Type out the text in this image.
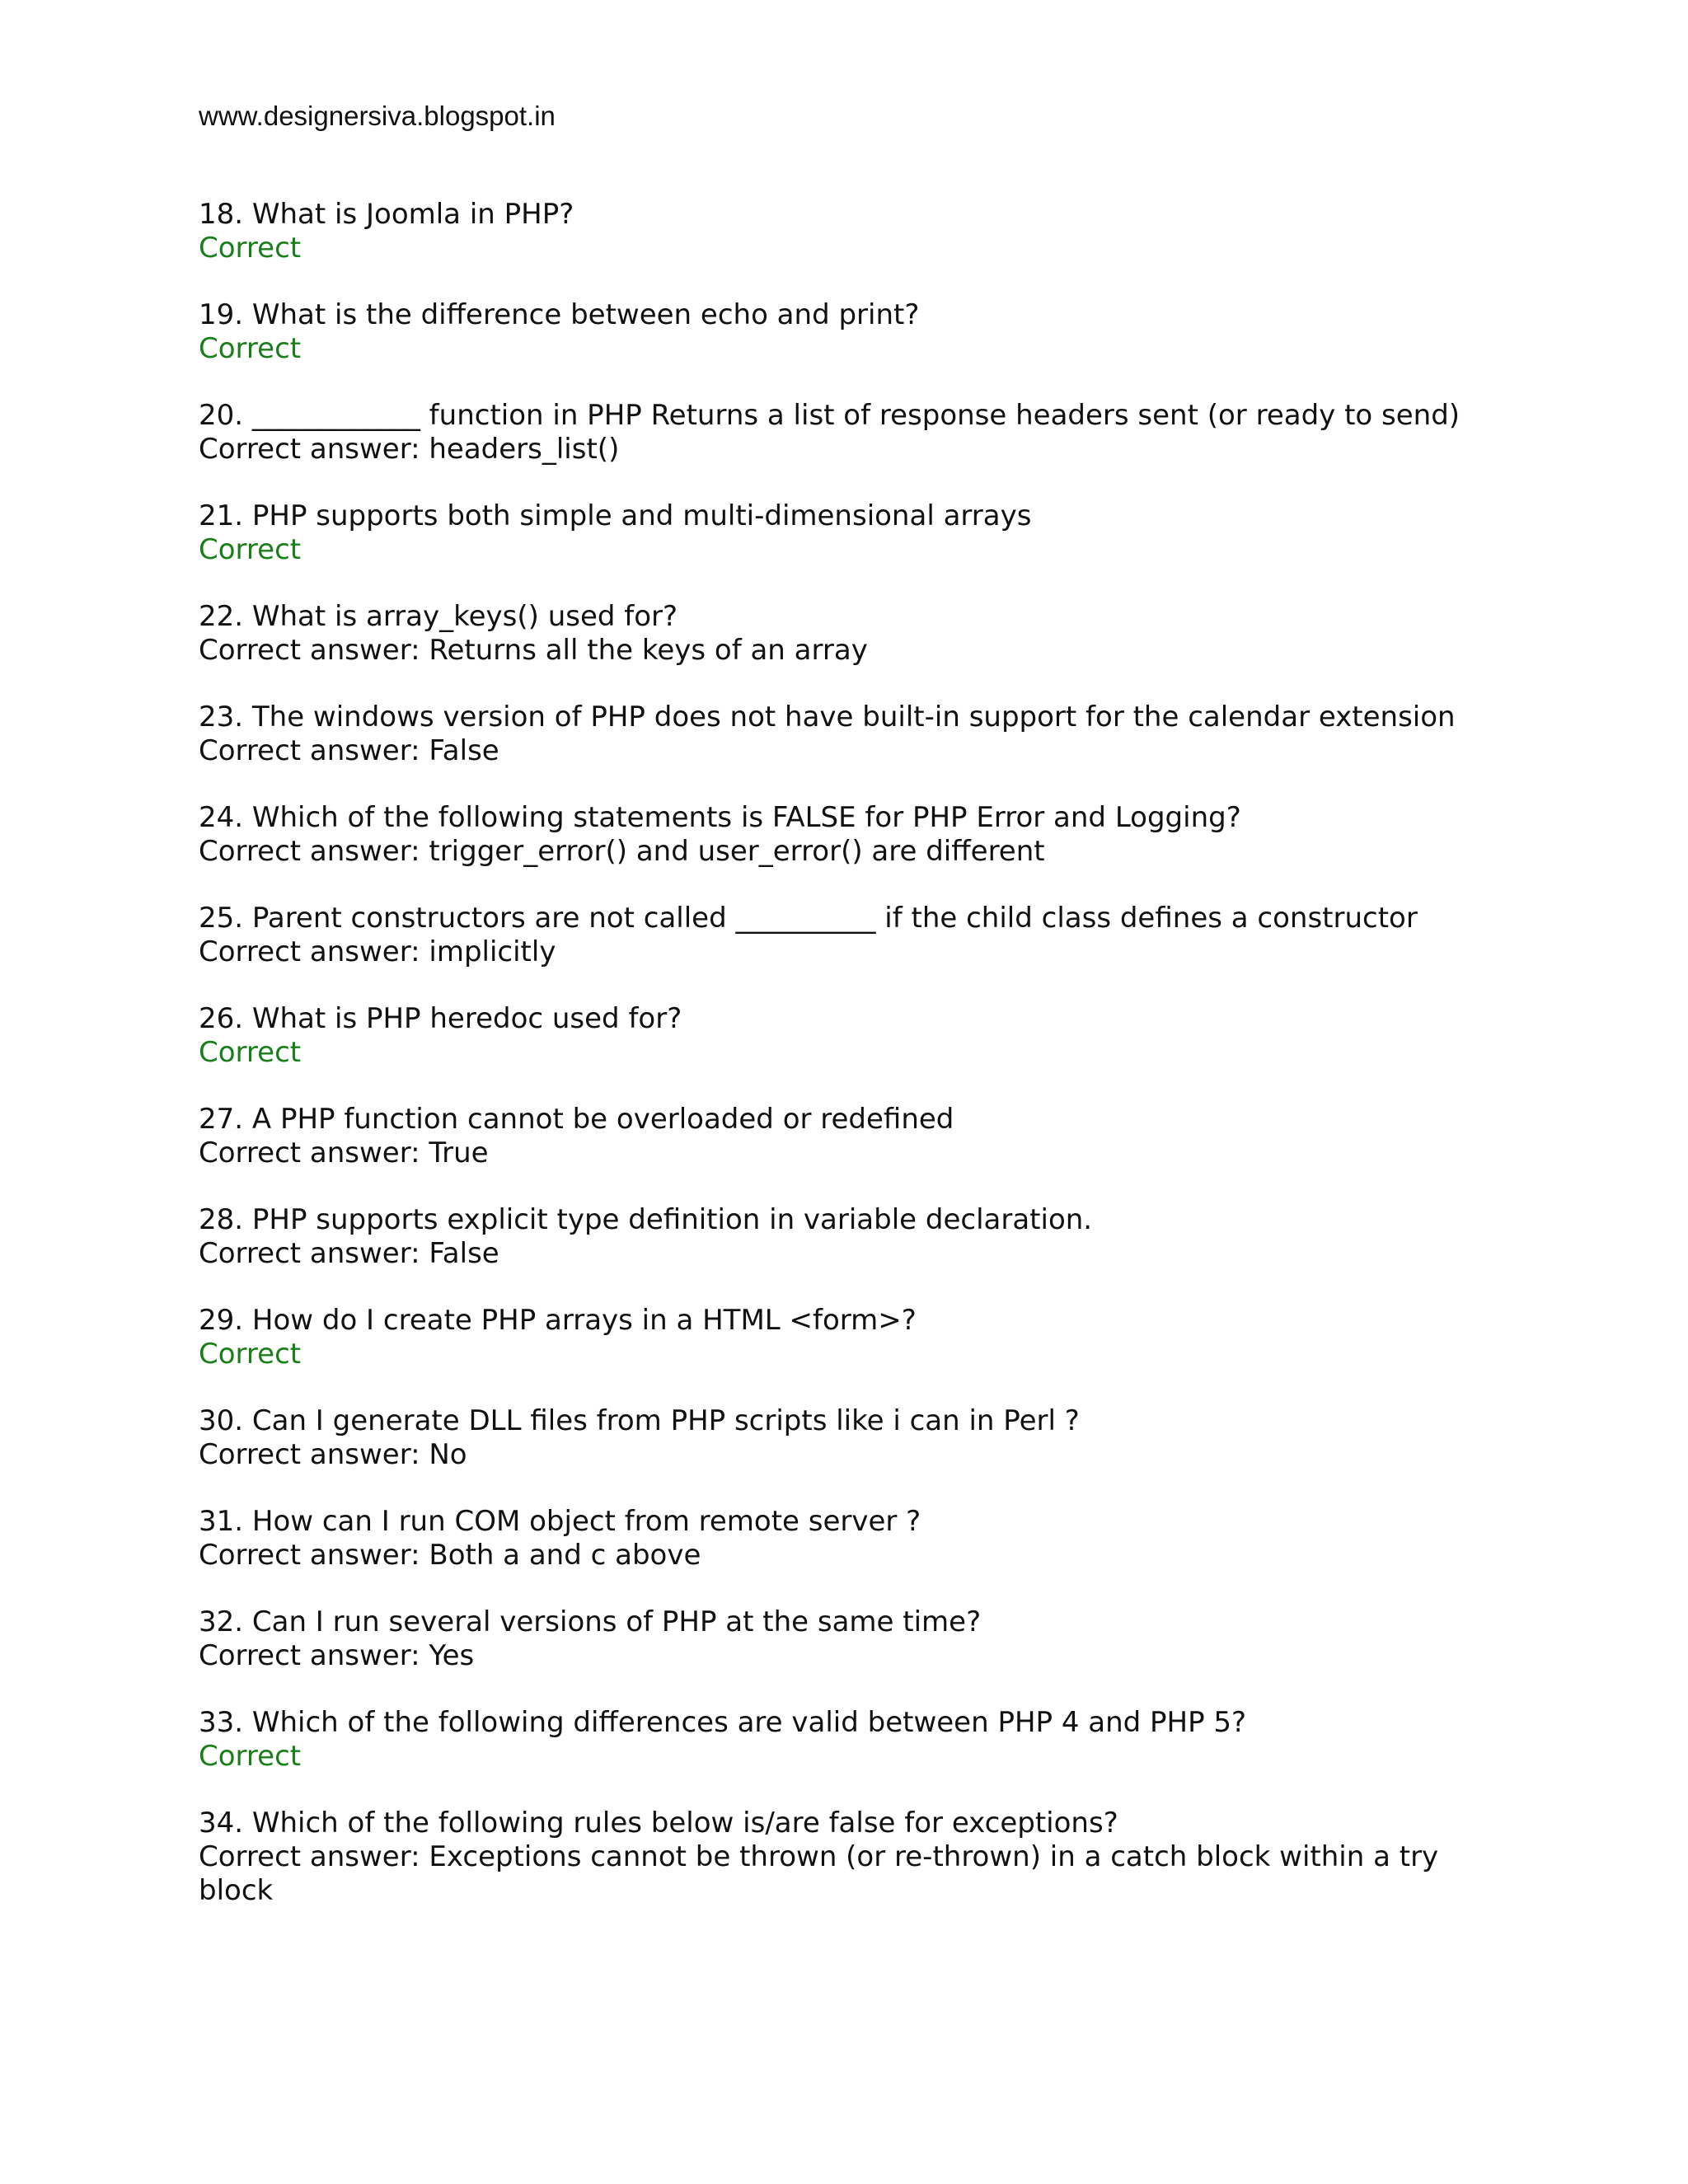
www.designersiva.blogspot.in
18. What is Joomla in PHP?
Correct
19. What is the difference between echo and print?
Correct
20. ____________ function in PHP Returns a list of response headers sent (or ready to send)
Correct answer: headers_list()
21. PHP supports both simple and multi-dimensional arrays
Correct
22. What is array_keys() used for?
Correct answer: Returns all the keys of an array
23. The windows version of PHP does not have built-in support for the calendar extension
Correct answer: False
24. Which of the following statements is FALSE for PHP Error and Logging?
Correct answer: trigger_error() and user_error() are different
25. Parent constructors are not called __________ if the child class defines a constructor
Correct answer: implicitly
26. What is PHP heredoc used for?
Correct
27. A PHP function cannot be overloaded or redefined
Correct answer: True
28. PHP supports explicit type definition in variable declaration.
Correct answer: False
29. How do I create PHP arrays in a HTML <form>?
Correct
30. Can I generate DLL files from PHP scripts like i can in Perl ?
Correct answer: No
31. How can I run COM object from remote server ?
Correct answer: Both a and c above
32. Can I run several versions of PHP at the same time?
Correct answer: Yes
33. Which of the following differences are valid between PHP 4 and PHP 5?
Correct
34. Which of the following rules below is/are false for exceptions?
Correct answer: Exceptions cannot be thrown (or re-thrown) in a catch block within a try block
